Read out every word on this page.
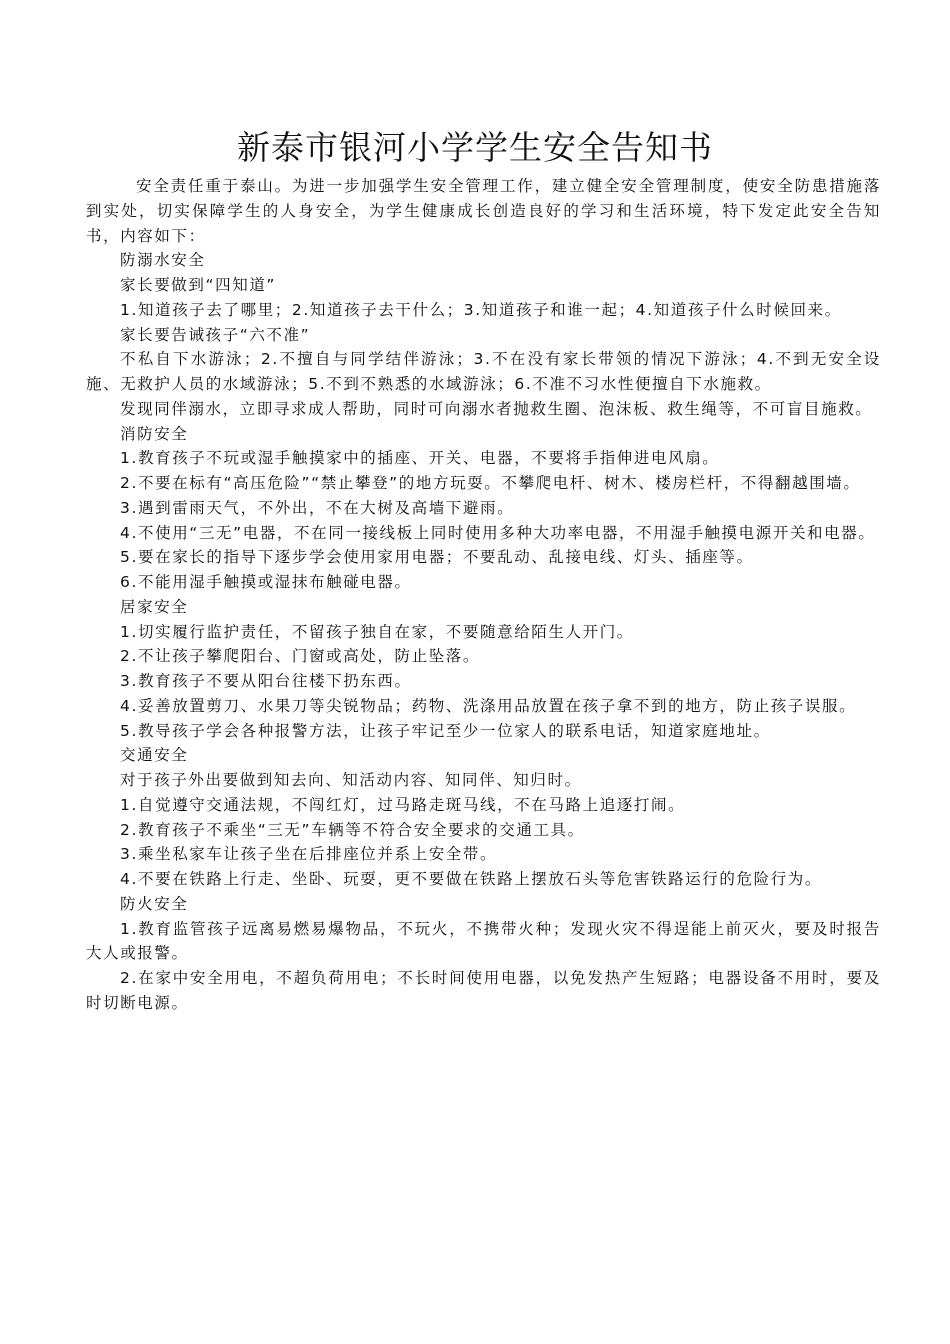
新泰市银河小学学生安全告知书

安全责任重于泰山。为进一步加强学生安全管理工作，建立健全安全管理制度，使安全防患措施落到实处，切实保障学生的人身安全，为学生健康成长创造良好的学习和生活环境，特下发定此安全告知书，内容如下：

防溺水安全

家长要做到“四知道”

1.知道孩子去了哪里；2.知道孩子去干什么；3.知道孩子和谁一起；4.知道孩子什么时候回来。

家长要告诫孩子“六不准”

不私自下水游泳；2.不擅自与同学结伴游泳；3.不在没有家长带领的情况下游泳；4.不到无安全设施、无救护人员的水域游泳；5.不到不熟悉的水域游泳；6.不准不习水性便擅自下水施救。

发现同伴溺水，立即寻求成人帮助，同时可向溺水者抛救生圈、泡沫板、救生绳等，不可盲目施救。

消防安全

1.教育孩子不玩或湿手触摸家中的插座、开关、电器，不要将手指伸进电风扇。

2.不要在标有“高压危险”“禁止攀登”的地方玩耍。不攀爬电杆、树木、楼房栏杆，不得翻越围墙。

3.遇到雷雨天气，不外出，不在大树及高墙下避雨。

4.不使用“三无”电器，不在同一接线板上同时使用多种大功率电器，不用湿手触摸电源开关和电器。

5.要在家长的指导下逐步学会使用家用电器；不要乱动、乱接电线、灯头、插座等。

6.不能用湿手触摸或湿抹布触碰电器。

居家安全

1.切实履行监护责任，不留孩子独自在家，不要随意给陌生人开门。

2.不让孩子攀爬阳台、门窗或高处，防止坠落。

3.教育孩子不要从阳台往楼下扔东西。

4.妥善放置剪刀、水果刀等尖锐物品；药物、洗涤用品放置在孩子拿不到的地方，防止孩子误服。

5.教导孩子学会各种报警方法，让孩子牢记至少一位家人的联系电话，知道家庭地址。

交通安全

对于孩子外出要做到知去向、知活动内容、知同伴、知归时。

1.自觉遵守交通法规，不闯红灯，过马路走斑马线，不在马路上追逐打闹。

2.教育孩子不乘坐“三无”车辆等不符合安全要求的交通工具。

3.乘坐私家车让孩子坐在后排座位并系上安全带。

4.不要在铁路上行走、坐卧、玩耍，更不要做在铁路上摆放石头等危害铁路运行的危险行为。

防火安全

1.教育监管孩子远离易燃易爆物品，不玩火，不携带火种；发现火灾不得逞能上前灭火，要及时报告大人或报警。

2.在家中安全用电，不超负荷用电；不长时间使用电器，以免发热产生短路；电器设备不用时，要及时切断电源。
